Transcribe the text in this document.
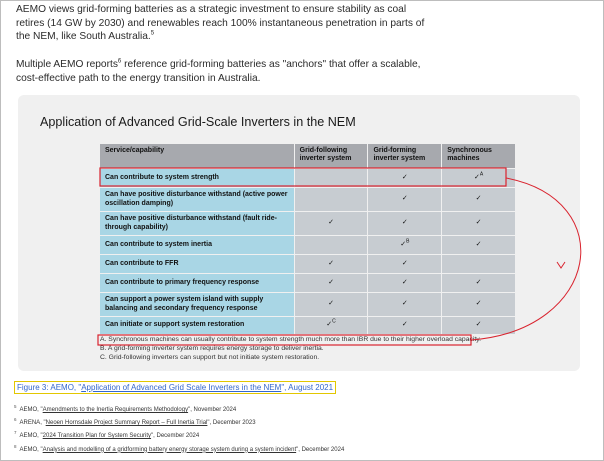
AEMO views grid-forming batteries as a strategic investment to ensure stability as coal
retires (14 GW by 2030) and renewables reach 100% instantaneous penetration in parts of
the NEM, like South Australia.$^5$

Multiple AEMO reports$^6$ reference grid-forming batteries as "anchors" that offer a scalable,
cost-effective path to the energy transition in Australia.

Application of Advanced Grid-Scale Inverters in the NEM
Service/capability	Grid-following inverter system	Grid-forming inverter system	Synchronous machines
Can contribute to system strength		✓	✓$^A$
Can have positive disturbance withstand (active power oscillation damping)		✓	✓
Can have positive disturbance withstand (fault ride-through capability)	✓	✓	✓
Can contribute to system inertia		✓$^B$	✓
Can contribute to FFR	✓	✓	
Can contribute to primary frequency response	✓	✓	✓
Can support a power system island with supply balancing and secondary frequency response	✓	✓	✓
Can initiate or support system restoration	✓$^C$	✓	✓
A. Synchronous machines can usually contribute to system strength much more than IBR due to their higher overload capacity.
B. A grid-forming inverter system requires energy storage to deliver inertia.
C. Grid-following inverters can support but not initiate system restoration.
Figure 3: AEMO, "Application of Advanced Grid Scale Inverters in the NEM", August 2021
$^5$AEMO, "Amendments to the Inertia Requirements Methodology", November 2024
$^6$ARENA, "Neoen Hornsdale Project Summary Report – Full Inertia Trial", December 2023
$^7$AEMO, "2024 Transition Plan for System Security", December 2024
$^8$AEMO, "Analysis and modelling of a gridforming battery energy storage system during a system incident", December 2024
